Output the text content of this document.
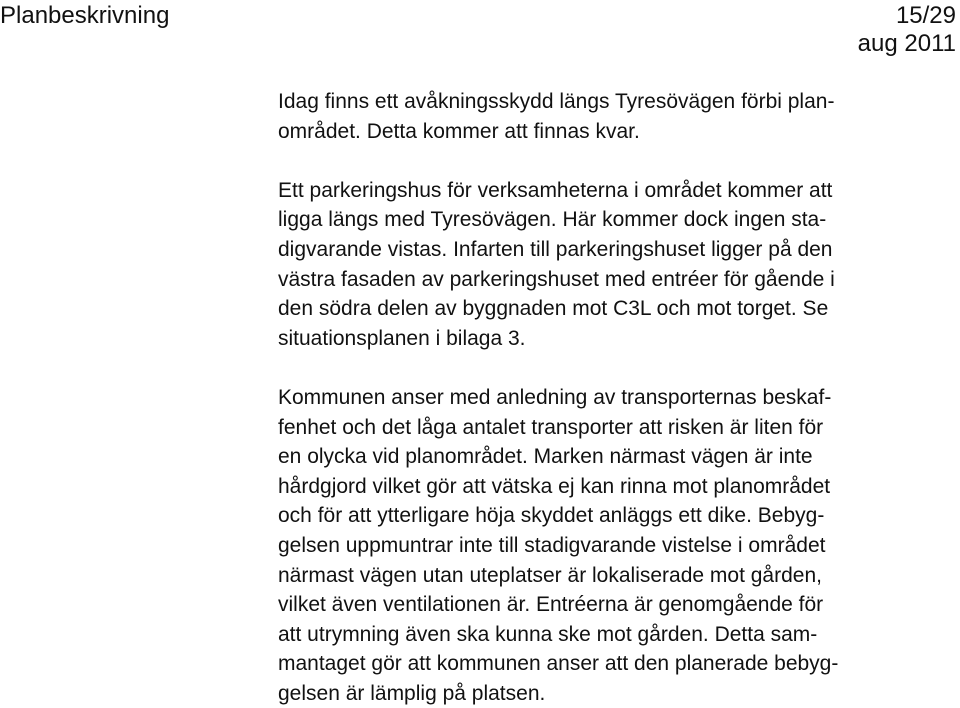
Planbeskrivning	15/29
aug 2011
Idag finns ett avåkningsskydd längs Tyresövägen förbi plan-
området. Detta kommer att finnas kvar.
Ett parkeringshus för verksamheterna i området kommer att
ligga längs med Tyresövägen. Här kommer dock ingen sta-
digvarande vistas. Infarten till parkeringshuset ligger på den
västra fasaden av parkeringshuset med entréer för gående i
den södra delen av byggnaden mot C3L och mot torget. Se
situationsplanen i bilaga 3.
Kommunen anser med anledning av transporternas beskaf-
fenhet och det låga antalet transporter att risken är liten för
en olycka vid planområdet. Marken närmast vägen är inte
hårdgjord vilket gör att vätska ej kan rinna mot planområdet
och för att ytterligare höja skyddet anläggs ett dike. Bebyg-
gelsen uppmuntrar inte till stadigvarande vistelse i området
närmast vägen utan uteplatser är lokaliserade mot gården,
vilket även ventilationen är. Entréerna är genomgående för
att utrymning även ska kunna ske mot gården. Detta sam-
mantaget gör att kommunen anser att den planerade bebyg-
gelsen är lämplig på platsen.
